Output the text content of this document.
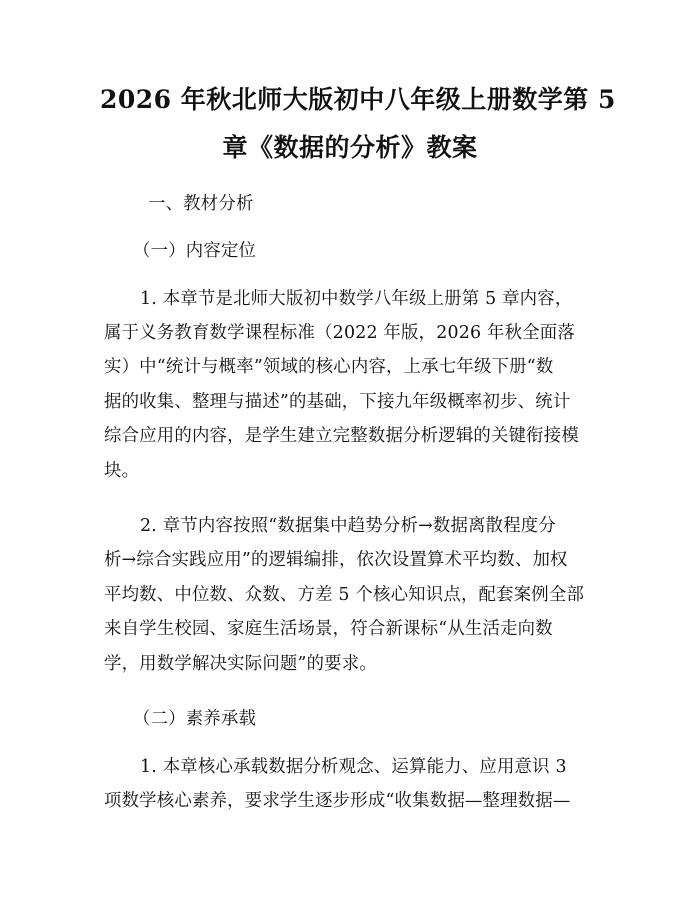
2026 年秋北师大版初中八年级上册数学第 5
章《数据的分析》教案
一、教材分析
（一）内容定位
1. 本章节是北师大版初中数学八年级上册第 5 章内容，
属于义务教育数学课程标准（2022 年版，2026 年秋全面落
实）中“统计与概率”领域的核心内容，上承七年级下册“数
据的收集、整理与描述”的基础，下接九年级概率初步、统计
综合应用的内容，是学生建立完整数据分析逻辑的关键衔接模
块。
2. 章节内容按照“数据集中趋势分析→数据离散程度分
析→综合实践应用”的逻辑编排，依次设置算术平均数、加权
平均数、中位数、众数、方差 5 个核心知识点，配套案例全部
来自学生校园、家庭生活场景，符合新课标“从生活走向数
学，用数学解决实际问题”的要求。
（二）素养承载
1. 本章核心承载数据分析观念、运算能力、应用意识 3
项数学核心素养，要求学生逐步形成“收集数据—整理数据—
